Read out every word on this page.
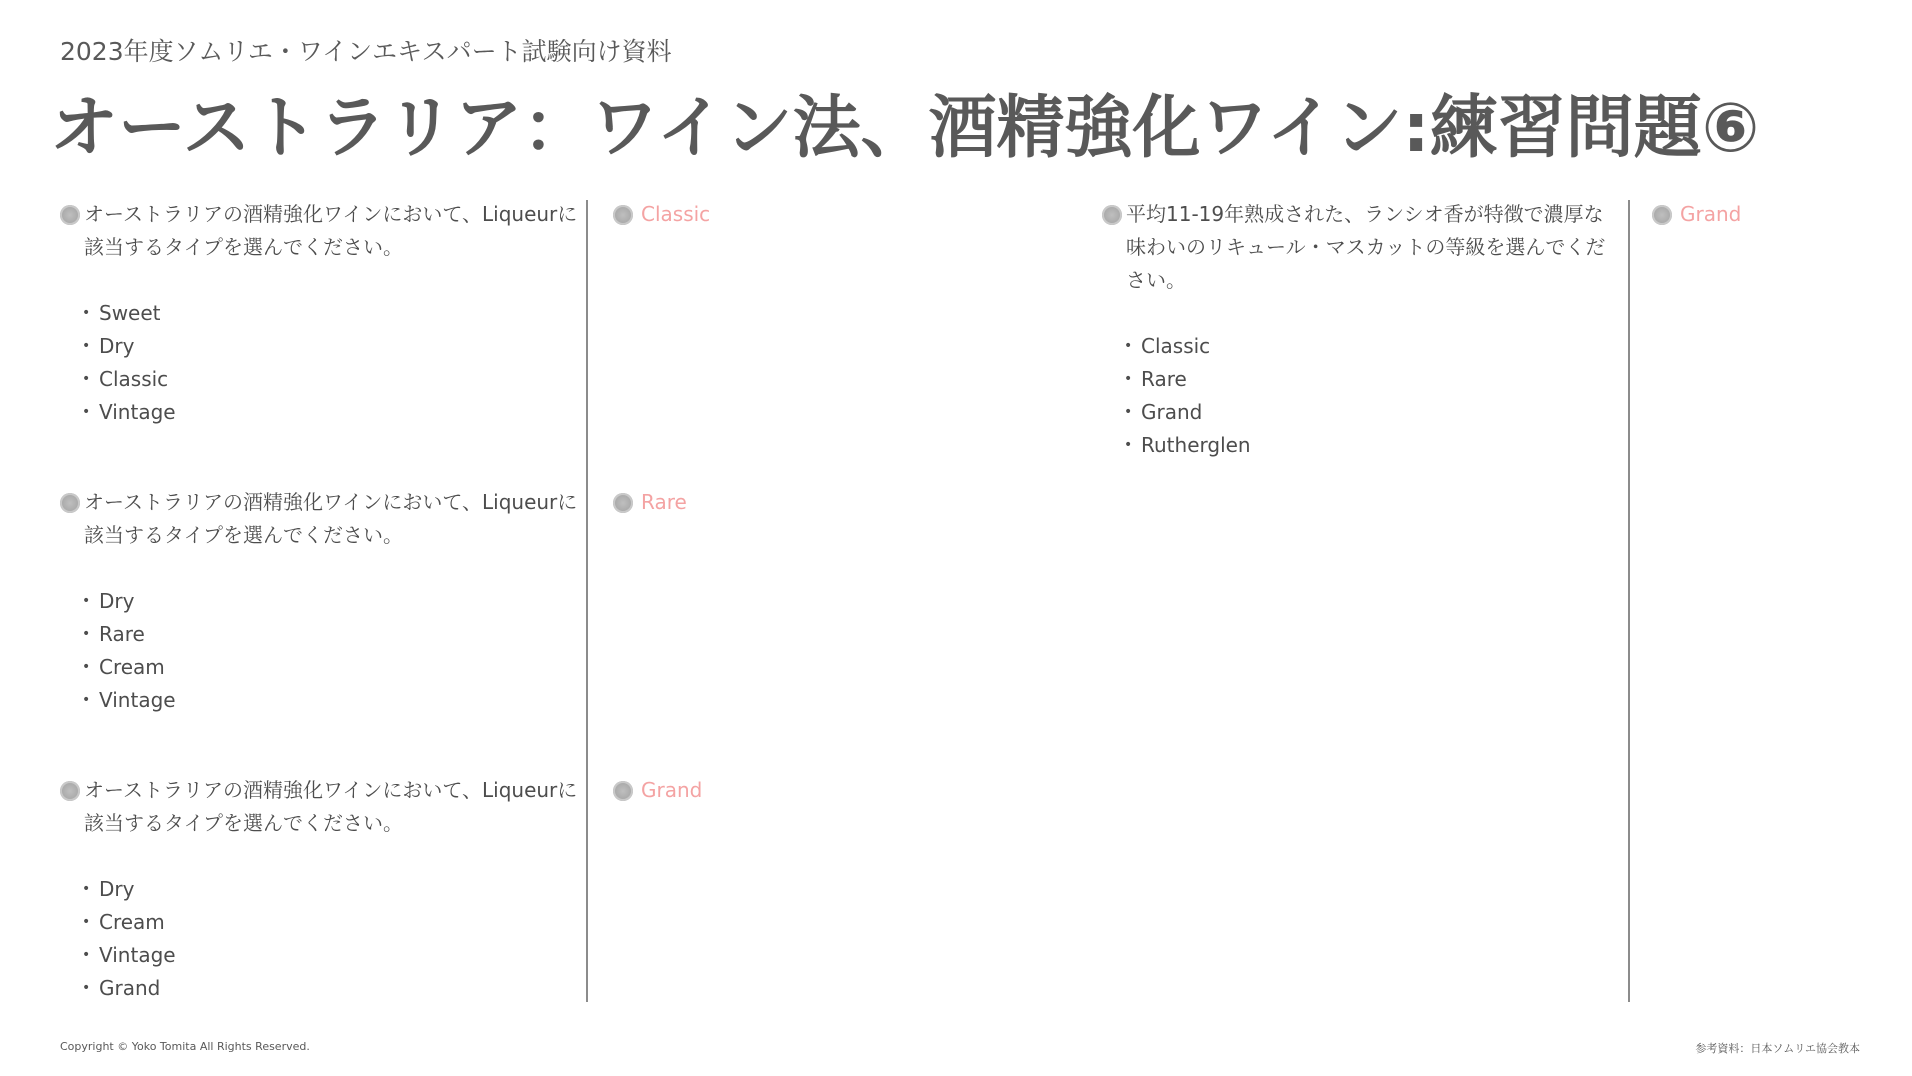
2023年度ソムリエ・ワインエキスパート試験向け資料
オーストラリア：ワイン法、酒精強化ワイン:練習問題⑥
オーストラリアの酒精強化ワインにおいて、Liqueurに該当するタイプを選んでください。
• Sweet
• Dry
• Classic
• Vintage
Classic
オーストラリアの酒精強化ワインにおいて、Liqueurに該当するタイプを選んでください。
• Dry
• Rare
• Cream
• Vintage
Rare
オーストラリアの酒精強化ワインにおいて、Liqueurに該当するタイプを選んでください。
• Dry
• Cream
• Vintage
• Grand
Grand
平均11-19年熟成された、ランシオ香が特徴で濃厚な味わいのリキュール・マスカットの等級を選んでください。
• Classic
• Rare
• Grand
• Rutherglen
Grand
Copyright © Yoko Tomita All Rights Reserved.	参考資料：日本ソムリエ協会教本
